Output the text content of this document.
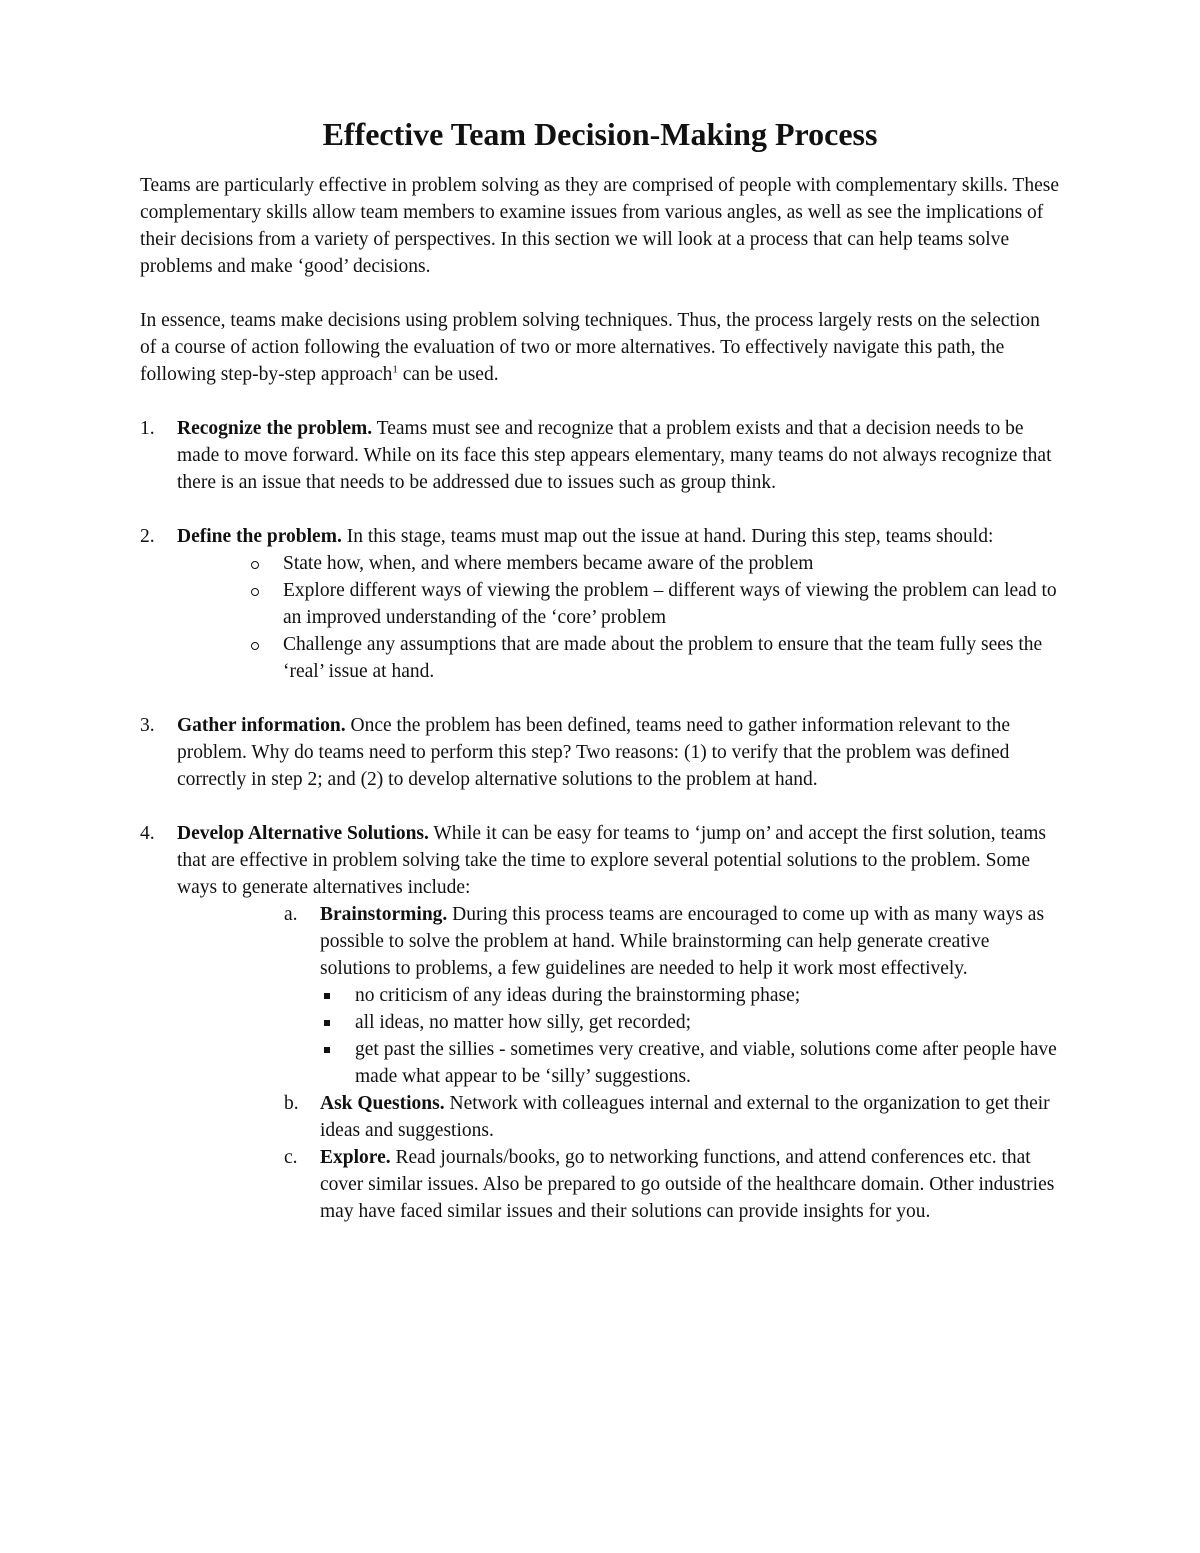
Effective Team Decision-Making Process

Teams are particularly effective in problem solving as they are comprised of people with complementary skills. These complementary skills allow team members to examine issues from various angles, as well as see the implications of their decisions from a variety of perspectives. In this section we will look at a process that can help teams solve problems and make ‘good’ decisions.

In essence, teams make decisions using problem solving techniques. Thus, the process largely rests on the selection of a course of action following the evaluation of two or more alternatives. To effectively navigate this path, the following step-by-step approach$^1$ can be used.

1. Recognize the problem. Teams must see and recognize that a problem exists and that a decision needs to be made to move forward. While on its face this step appears elementary, many teams do not always recognize that there is an issue that needs to be addressed due to issues such as group think.
2. Define the problem. In this stage, teams must map out the issue at hand. During this step, teams should:
State how, when, and where members became aware of the problem
Explore different ways of viewing the problem – different ways of viewing the problem can lead to an improved understanding of the ‘core’ problem
Challenge any assumptions that are made about the problem to ensure that the team fully sees the ‘real’ issue at hand.
3. Gather information. Once the problem has been defined, teams need to gather information relevant to the problem. Why do teams need to perform this step? Two reasons: (1) to verify that the problem was defined correctly in step 2; and (2) to develop alternative solutions to the problem at hand.
4. Develop Alternative Solutions. While it can be easy for teams to ‘jump on’ and accept the first solution, teams that are effective in problem solving take the time to explore several potential solutions to the problem. Some ways to generate alternatives include:
a. Brainstorming. During this process teams are encouraged to come up with as many ways as possible to solve the problem at hand. While brainstorming can help generate creative solutions to problems, a few guidelines are needed to help it work most effectively.
no criticism of any ideas during the brainstorming phase;
all ideas, no matter how silly, get recorded;
get past the sillies - sometimes very creative, and viable, solutions come after people have made what appear to be ‘silly’ suggestions.
b. Ask Questions. Network with colleagues internal and external to the organization to get their ideas and suggestions.
c. Explore. Read journals/books, go to networking functions, and attend conferences etc. that cover similar issues. Also be prepared to go outside of the healthcare domain. Other industries may have faced similar issues and their solutions can provide insights for you.
